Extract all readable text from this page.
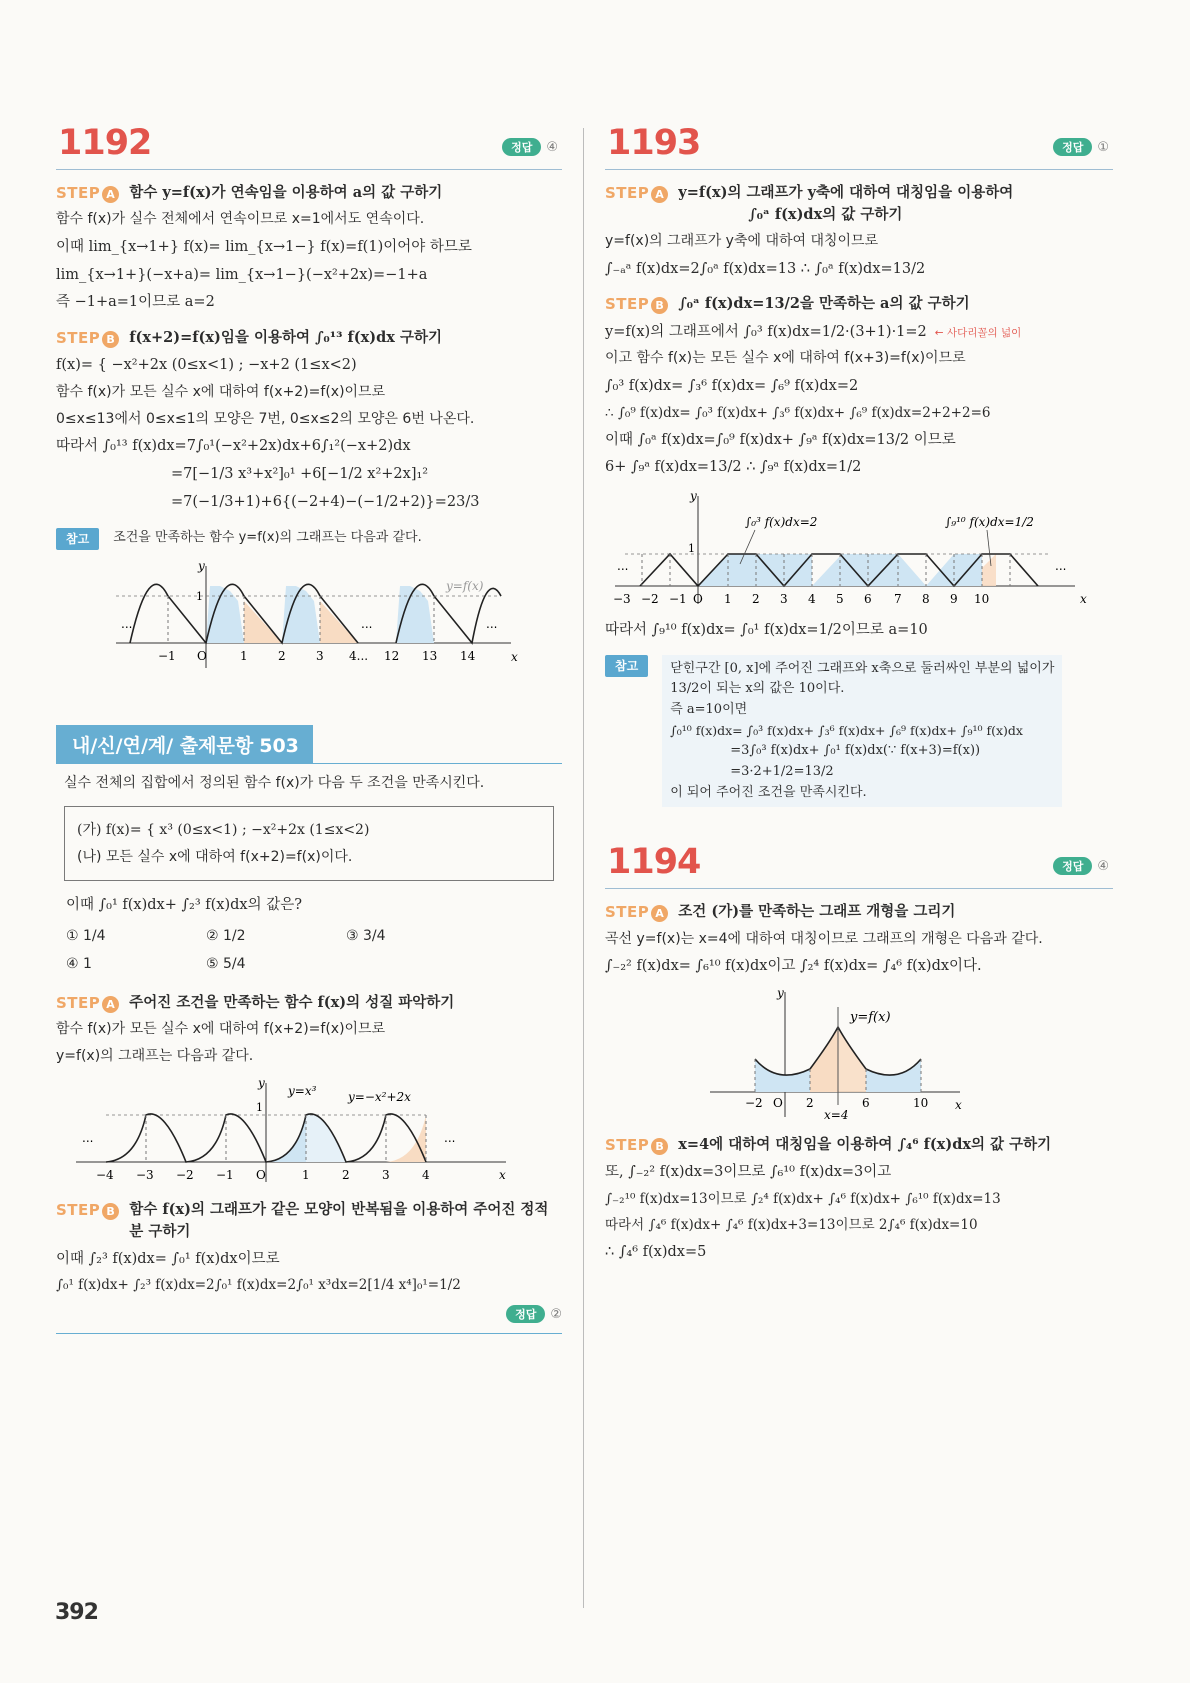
1192	정답	④
STEP A 함수 y=f(x)가 연속임을 이용하여 a의 값 구하기
함수 f(x)가 실수 전체에서 연속이므로 x=1에서도 연속이다.
이때 lim_{x→1+} f(x)= lim_{x→1−} f(x)=f(1)이어야 하므로
lim_{x→1+}(−x+a)= lim_{x→1−}(−x²+2x)=−1+a
즉 −1+a=1이므로 a=2
STEP B f(x+2)=f(x)임을 이용하여 ∫₀¹³ f(x)dx 구하기
f(x)= { −x²+2x (0≤x<1) ; −x+2 (1≤x<2)
함수 f(x)가 모든 실수 x에 대하여 f(x+2)=f(x)이므로
0≤x≤13에서 0≤x≤1의 모양은 7번, 0≤x≤2의 모양은 6번 나온다.
따라서 ∫₀¹³ f(x)dx=7∫₀¹(−x²+2x)dx+6∫₁²(−x+2)dx
=7[−1/3 x³+x²]₀¹ +6[−1/2 x²+2x]₁²
=7(−1/3+1)+6{(−2+4)−(−1/2+2)}=23/3
참고	조건을 만족하는 함수 y=f(x)의 그래프는 다음과 같다.
y
x
1
y=f(x)
...	...	...
−1 O	1	2	3 4... 12 13 14
내/신/연/계/ 출제문항 503
실수 전체의 집합에서 정의된 함수 f(x)가 다음 두 조건을 만족시킨다.
(가) f(x)= { x³ (0≤x<1) ; −x²+2x (1≤x<2)
(나) 모든 실수 x에 대하여 f(x+2)=f(x)이다.
이때 ∫₀¹ f(x)dx+ ∫₂³ f(x)dx의 값은?
① 1/4	② 1/2	③ 3/4
④ 1	⑤ 5/4
STEP A 주어진 조건을 만족하는 함수 f(x)의 성질 파악하기
함수 f(x)가 모든 실수 x에 대하여 f(x+2)=f(x)이므로
y=f(x)의 그래프는 다음과 같다.
y
x
1
y=x³	y=−x²+2x
...	...
−4 −3 −2 −1 O	1	2	3	4
STEP B 함수 f(x)의 그래프가 같은 모양이 반복됨을 이용하여 주어진 정적분 구하기
이때 ∫₂³ f(x)dx= ∫₀¹ f(x)dx이므로
∫₀¹ f(x)dx+ ∫₂³ f(x)dx=2∫₀¹ f(x)dx=2∫₀¹ x³dx=2[1/4 x⁴]₀¹=1/2
정답	②
1193	정답	①
STEP A y=f(x)의 그래프가 y축에 대하여 대칭임을 이용하여
∫₀ᵃ f(x)dx의 값 구하기
y=f(x)의 그래프가 y축에 대하여 대칭이므로
∫₋ₐᵃ f(x)dx=2∫₀ᵃ f(x)dx=13 ∴ ∫₀ᵃ f(x)dx=13/2
STEP B ∫₀ᵃ f(x)dx=13/2을 만족하는 a의 값 구하기
y=f(x)의 그래프에서 ∫₀³ f(x)dx=1/2·(3+1)·1=2 ← 사다리꼴의 넓이
이고 함수 f(x)는 모든 실수 x에 대하여 f(x+3)=f(x)이므로
∫₀³ f(x)dx= ∫₃⁶ f(x)dx= ∫₆⁹ f(x)dx=2
∴ ∫₀⁹ f(x)dx= ∫₀³ f(x)dx+ ∫₃⁶ f(x)dx+ ∫₆⁹ f(x)dx=2+2+2=6
이때 ∫₀ᵃ f(x)dx=∫₀⁹ f(x)dx+ ∫₉ᵃ f(x)dx=13/2 이므로
6+ ∫₉ᵃ f(x)dx=13/2 ∴ ∫₉ᵃ f(x)dx=1/2
y
x
1
∫₀³ f(x)dx=2	∫₉¹⁰ f(x)dx=1/2
...	...
−3 −2 −1 O 1 2 3 4 5 6 7 8 9 10
따라서 ∫₉¹⁰ f(x)dx= ∫₀¹ f(x)dx=1/2이므로 a=10
참고	닫힌구간 [0, x]에 주어진 그래프와 x축으로 둘러싸인 부분의 넓이가
13/2이 되는 x의 값은 10이다.
즉 a=10이면
∫₀¹⁰ f(x)dx= ∫₀³ f(x)dx+ ∫₃⁶ f(x)dx+ ∫₆⁹ f(x)dx+ ∫₉¹⁰ f(x)dx
=3∫₀³ f(x)dx+ ∫₀¹ f(x)dx(∵ f(x+3)=f(x))
=3·2+1/2=13/2
이 되어 주어진 조건을 만족시킨다.
1194	정답	④
STEP A 조건 (가)를 만족하는 그래프 개형을 그리기
곡선 y=f(x)는 x=4에 대하여 대칭이므로 그래프의 개형은 다음과 같다.
∫₋₂² f(x)dx= ∫₆¹⁰ f(x)dx이고 ∫₂⁴ f(x)dx= ∫₄⁶ f(x)dx이다.
y
x
y=f(x)
x=4
−2 O 2	6	10
STEP B x=4에 대하여 대칭임을 이용하여 ∫₄⁶ f(x)dx의 값 구하기
또, ∫₋₂² f(x)dx=3이므로 ∫₆¹⁰ f(x)dx=3이고
∫₋₂¹⁰ f(x)dx=13이므로 ∫₂⁴ f(x)dx+ ∫₄⁶ f(x)dx+ ∫₆¹⁰ f(x)dx=13
따라서 ∫₄⁶ f(x)dx+ ∫₄⁶ f(x)dx+3=13이므로 2∫₄⁶ f(x)dx=10
∴ ∫₄⁶ f(x)dx=5
392
